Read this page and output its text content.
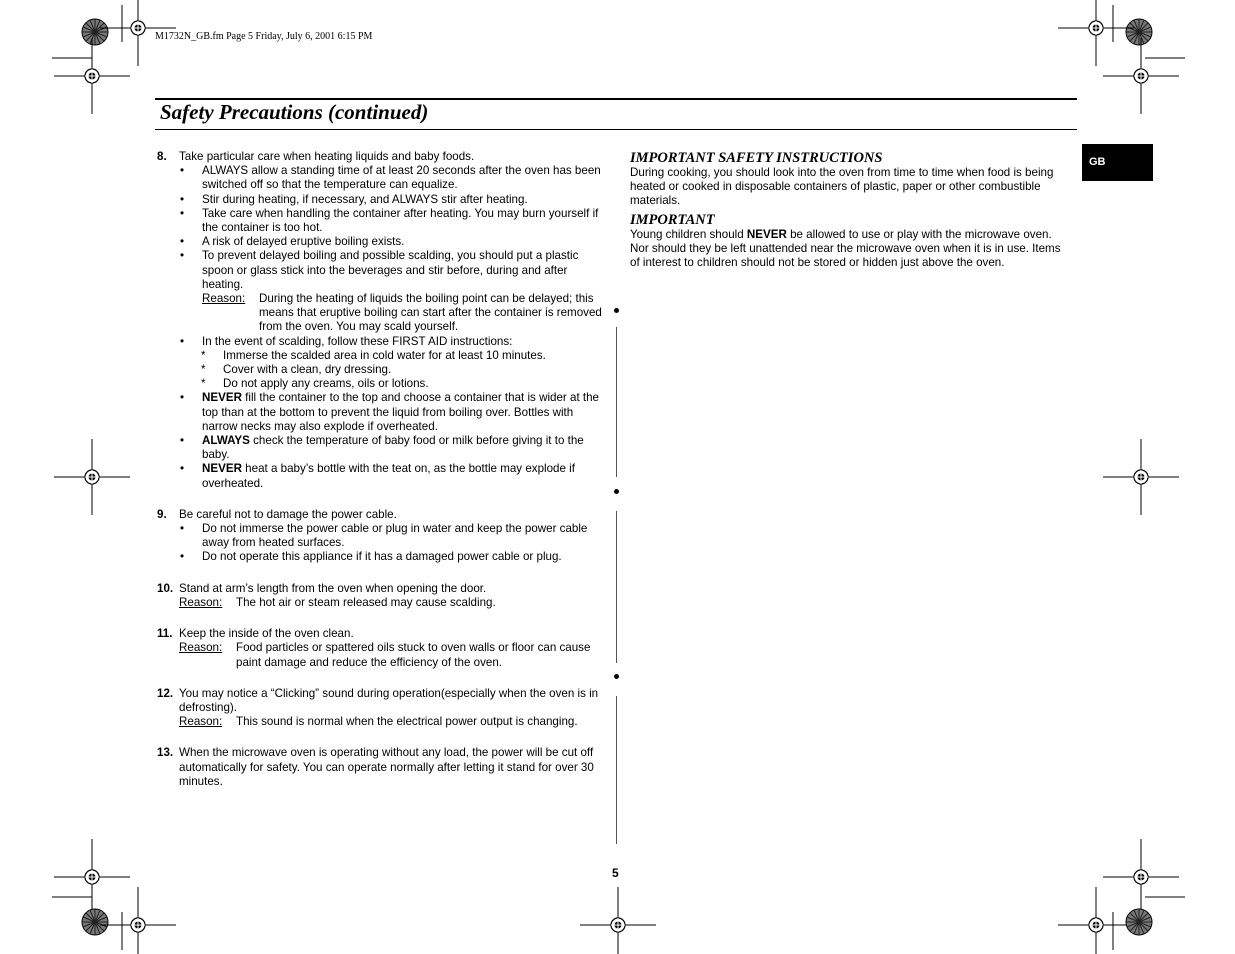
M1732N_GB.fm Page 5 Friday, July 6, 2001 6:15 PM
Safety Precautions (continued)
GB
8.	Take particular care when heating liquids and baby foods.
•	ALWAYS allow a standing time of at least 20 seconds after the oven has been switched off so that the temperature can equalize.
•	Stir during heating, if necessary, and ALWAYS stir after heating.
•	Take care when handling the container after heating. You may burn yourself if the container is too hot.
•	A risk of delayed eruptive boiling exists.
•	To prevent delayed boiling and possible scalding, you should put a plastic spoon or glass stick into the beverages and stir before, during and after heating.
Reason:	During the heating of liquids the boiling point can be delayed; this means that eruptive boiling can start after the container is removed from the oven. You may scald yourself.
•	In the event of scalding, follow these FIRST AID instructions:
*	Immerse the scalded area in cold water for at least 10 minutes.
*	Cover with a clean, dry dressing.
*	Do not apply any creams, oils or lotions.
•	NEVER fill the container to the top and choose a container that is wider at the top than at the bottom to prevent the liquid from boiling over. Bottles with narrow necks may also explode if overheated.
•	ALWAYS check the temperature of baby food or milk before giving it to the baby.
•	NEVER heat a baby’s bottle with the teat on, as the bottle may explode if overheated.
9.	Be careful not to damage the power cable.
•	Do not immerse the power cable or plug in water and keep the power cable away from heated surfaces.
•	Do not operate this appliance if it has a damaged power cable or plug.
10. Stand at arm’s length from the oven when opening the door.
Reason:	The hot air or steam released may cause scalding.
11. Keep the inside of the oven clean.
Reason:	Food particles or spattered oils stuck to oven walls or floor can cause paint damage and reduce the efficiency of the oven.
12. You may notice a “Clicking” sound during operation(especially when the oven is in defrosting).
Reason:	This sound is normal when the electrical power output is changing.
13. When the microwave oven is operating without any load, the power will be cut off automatically for safety. You can operate normally after letting it stand for over 30 minutes.
IMPORTANT SAFETY INSTRUCTIONS

During cooking, you should look into the oven from time to time when food is being heated or cooked in disposable containers of plastic, paper or other combustible materials.

IMPORTANT

Young children should NEVER be allowed to use or play with the microwave oven. Nor should they be left unattended near the microwave oven when it is in use. Items of interest to children should not be stored or hidden just above the oven.

5
